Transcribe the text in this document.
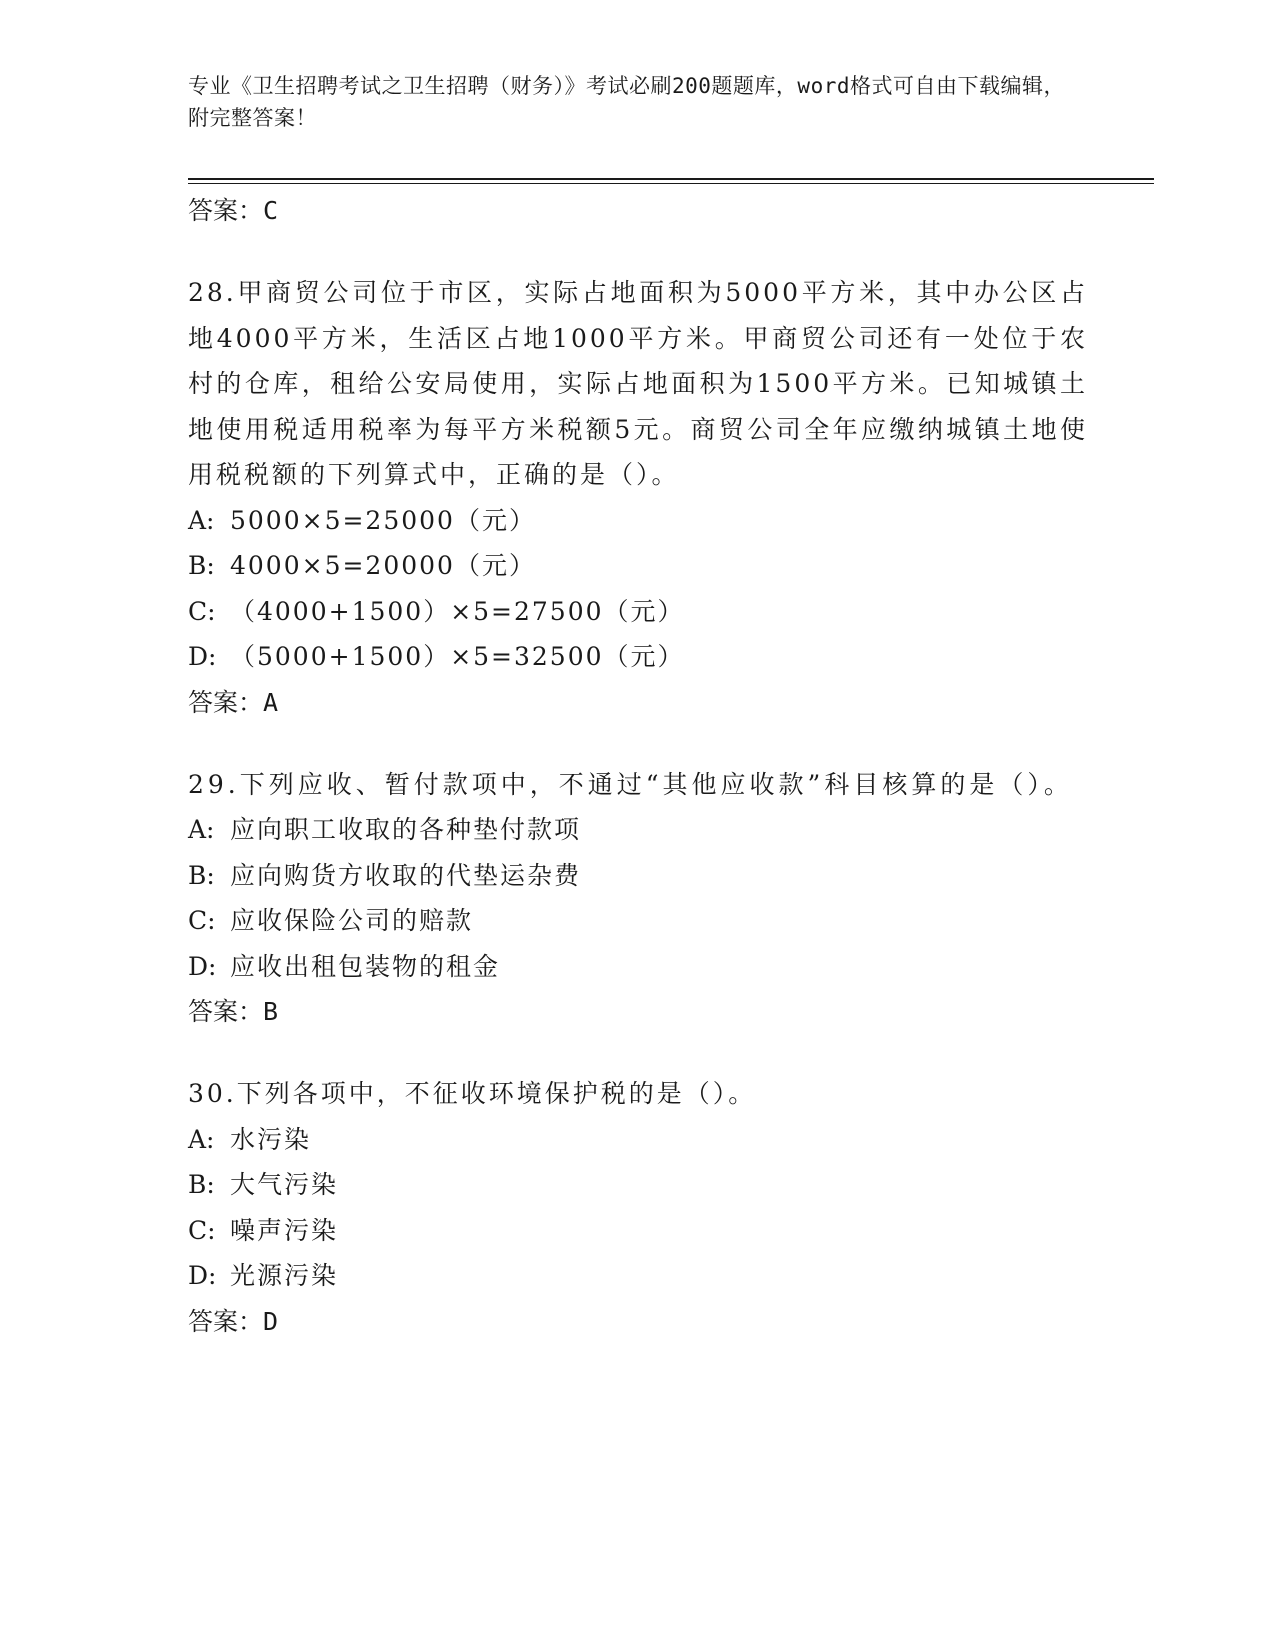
专业《卫生招聘考试之卫生招聘（财务）》考试必刷200题题库，word格式可自由下载编辑，附完整答案！
答案：C
28.甲商贸公司位于市区，实际占地面积为5000平方米，其中办公区占地4000平方米，生活区占地1000平方米。甲商贸公司还有一处位于农村的仓库，租给公安局使用，实际占地面积为1500平方米。已知城镇土地使用税适用税率为每平方米税额5元。商贸公司全年应缴纳城镇土地使用税税额的下列算式中，正确的是（）。
A: 5000×5=25000（元）
B: 4000×5=20000（元）
C: （4000+1500）×5=27500（元）
D: （5000+1500）×5=32500（元）
答案：A
29.下列应收、暂付款项中，不通过“其他应收款”科目核算的是（）。
A: 应向职工收取的各种垫付款项
B: 应向购货方收取的代垫运杂费
C: 应收保险公司的赔款
D: 应收出租包装物的租金
答案：B
30.下列各项中，不征收环境保护税的是（）。
A: 水污染
B: 大气污染
C: 噪声污染
D: 光源污染
答案：D
